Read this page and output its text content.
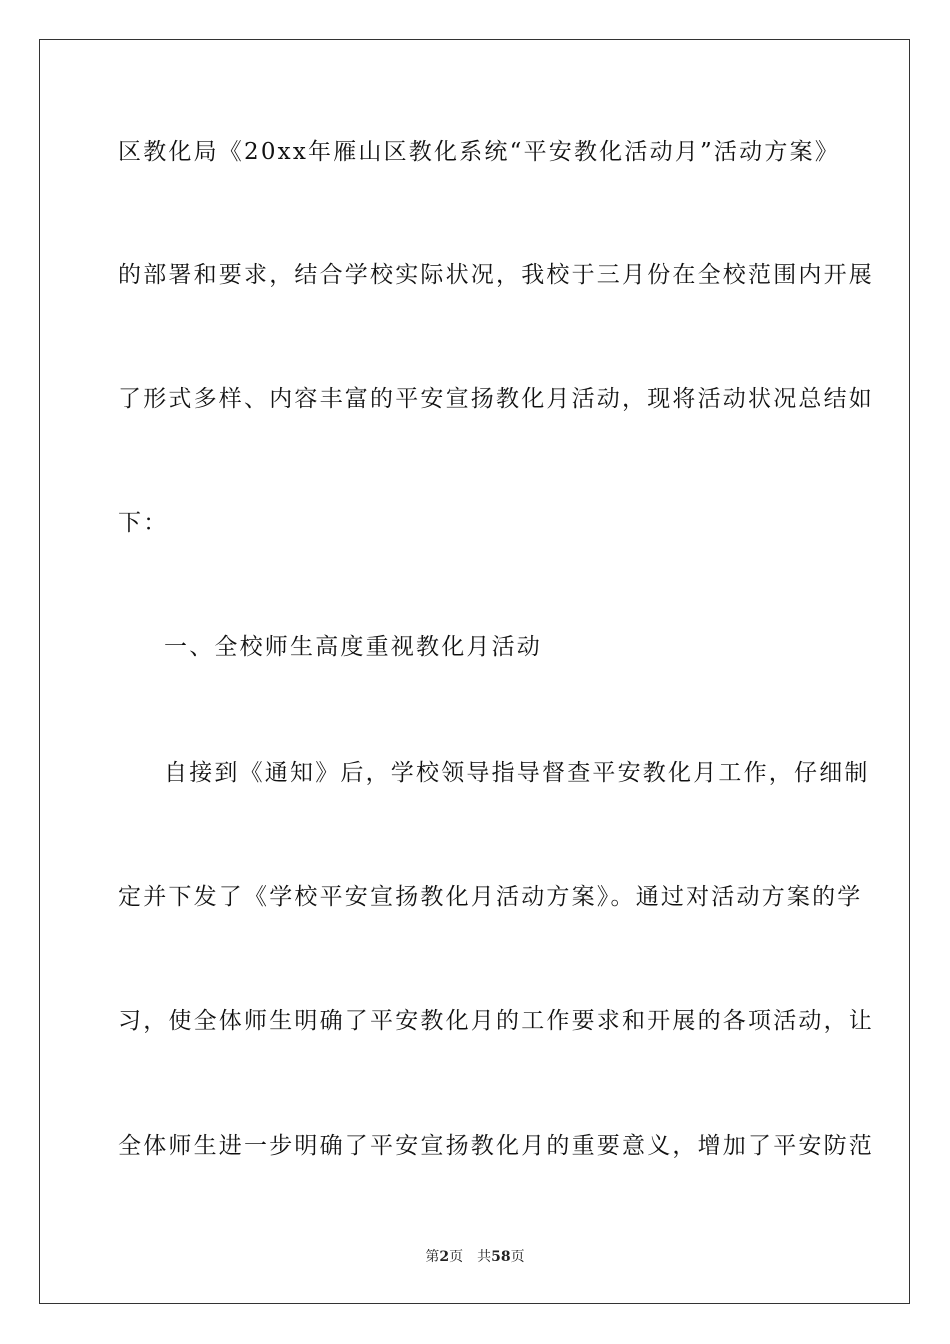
区教化局《20xx年雁山区教化系统“平安教化活动月”活动方案》
的部署和要求，结合学校实际状况，我校于三月份在全校范围内开展
了形式多样、内容丰富的平安宣扬教化月活动，现将活动状况总结如
下：
一、全校师生高度重视教化月活动
自接到《通知》后，学校领导指导督查平安教化月工作，仔细制
定并下发了《学校平安宣扬教化月活动方案》。通过对活动方案的学
习，使全体师生明确了平安教化月的工作要求和开展的各项活动，让
全体师生进一步明确了平安宣扬教化月的重要意义，增加了平安防范
第2页 共58页
